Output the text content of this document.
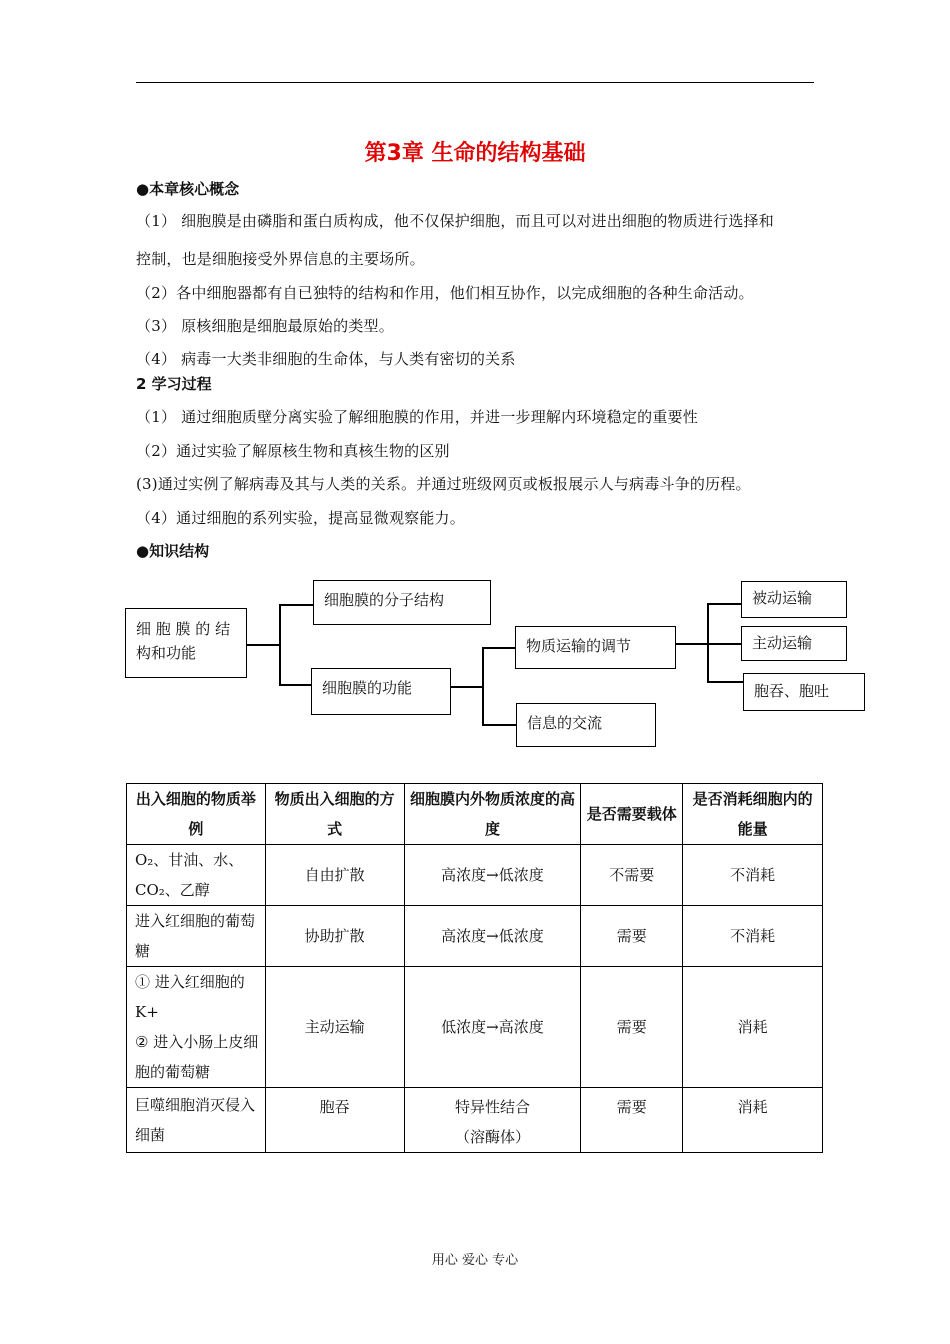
第3章 生命的结构基础
●本章核心概念
（1） 细胞膜是由磷脂和蛋白质构成，他不仅保护细胞，而且可以对进出细胞的物质进行选择和
控制，也是细胞接受外界信息的主要场所。
（2）各中细胞器都有自已独特的结构和作用，他们相互协作，以完成细胞的各种生命活动。
（3） 原核细胞是细胞最原始的类型。
（4） 病毒一大类非细胞的生命体，与人类有密切的关系
2 学习过程
（1） 通过细胞质壁分离实验了解细胞膜的作用，并进一步理解内环境稳定的重要性
（2）通过实验了解原核生物和真核生物的区别
(3)通过实例了解病毒及其与人类的关系。并通过班级网页或板报展示人与病毒斗争的历程。
（4）通过细胞的系列实验，提高显微观察能力。
●知识结构
细 胞 膜 的 结 构和功能
细胞膜的分子结构
细胞膜的功能
物质运输的调节
信息的交流
被动运输
主动运输
胞吞、胞吐
出入细胞的物质举例	物质出入细胞的方式	细胞膜内外物质浓度的高度	是否需要载体	是否消耗细胞内的能量
O₂、甘油、水、CO₂、乙醇	自由扩散	高浓度→低浓度	不需要	不消耗
进入红细胞的葡萄糖	协助扩散	高浓度→低浓度	需要	不消耗
① 进入红细胞的K+
② 进入小肠上皮细胞的葡萄糖	主动运输	低浓度→高浓度	需要	消耗
巨噬细胞消灭侵入细菌	胞吞	特异性结合（溶酶体）	需要	消耗
用心 爱心 专心
